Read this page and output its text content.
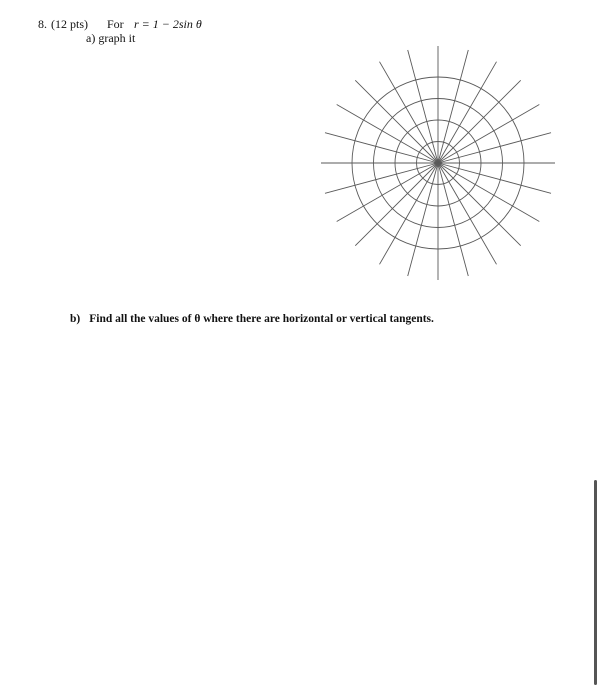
8. (12 pts) For r = 1 − 2sin θ
a) graph it
b) Find all the values of θ where there are horizontal or vertical tangents.
